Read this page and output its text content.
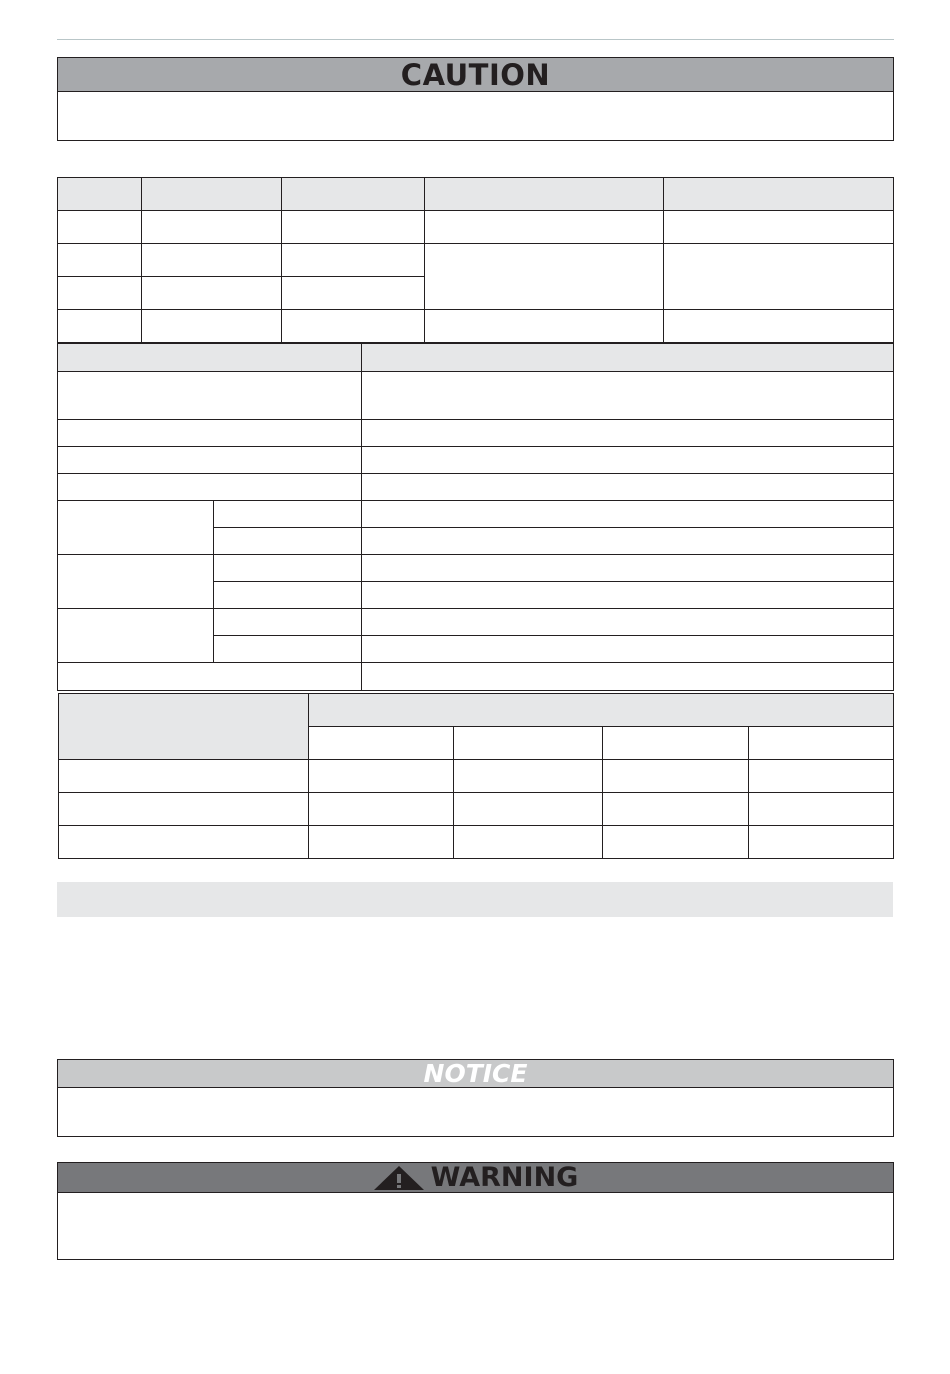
CAUTION

NOTICE
WARNING
